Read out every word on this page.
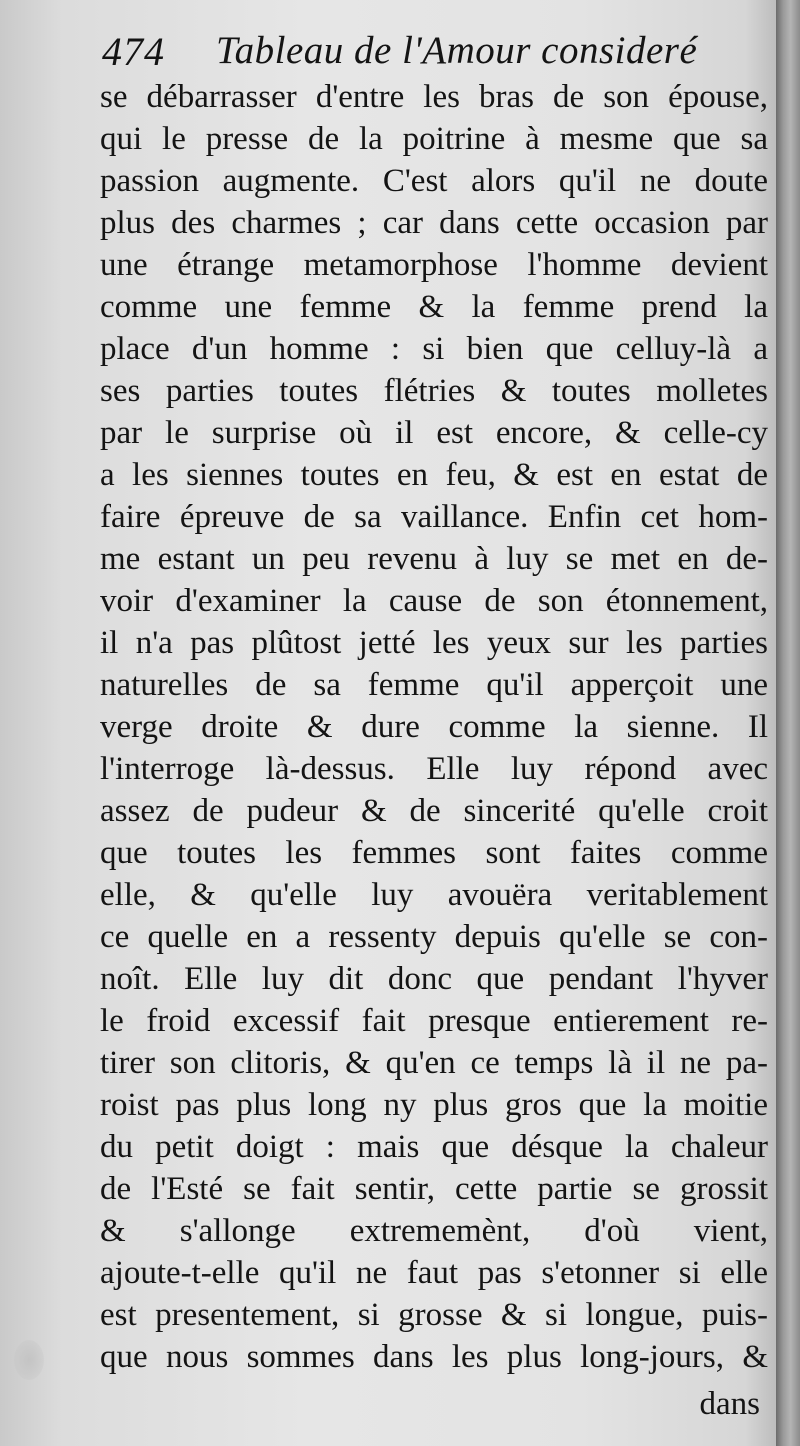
474 Tableau de l'Amour consideré
se débarrasser d'entre les bras de son épouse,
qui le presse de la poitrine à mesme que sa
passion augmente. C'est alors qu'il ne doute
plus des charmes ; car dans cette occasion par
une étrange metamorphose l'homme devient
comme une femme & la femme prend la
place d'un homme : si bien que celluy-là a
ses parties toutes flétries & toutes molletes
par le surprise où il est encore, & celle-cy
a les siennes toutes en feu, & est en estat de
faire épreuve de sa vaillance. Enfin cet hom-
me estant un peu revenu à luy se met en de-
voir d'examiner la cause de son étonnement,
il n'a pas plûtost jetté les yeux sur les parties
naturelles de sa femme qu'il apperçoit une
verge droite & dure comme la sienne. Il
l'interroge là-dessus. Elle luy répond avec
assez de pudeur & de sincerité qu'elle croit
que toutes les femmes sont faites comme
elle, & qu'elle luy avouëra veritablement
ce quelle en a ressenty depuis qu'elle se con-
noît. Elle luy dit donc que pendant l'hyver
le froid excessif fait presque entierement re-
tirer son clitoris, & qu'en ce temps là il ne pa-
roist pas plus long ny plus gros que la moitie
du petit doigt : mais que désque la chaleur
de l'Esté se fait sentir, cette partie se grossit
& s'allonge extrememènt, d'où vient,
ajoute-t-elle qu'il ne faut pas s'etonner si elle
est presentement, si grosse & si longue, puis-
que nous sommes dans les plus long-jours, &
dans
